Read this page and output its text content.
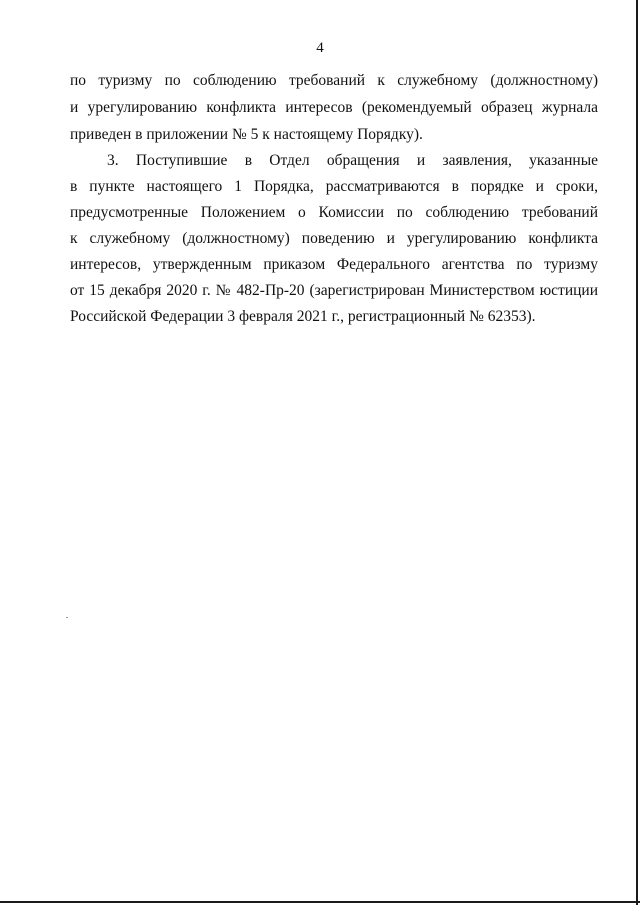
4
по туризму по соблюдению требований к служебному (должностному)
и урегулированию конфликта интересов (рекомендуемый образец журнала
приведен в приложении № 5 к настоящему Порядку).
3. Поступившие в Отдел обращения и заявления, указанные
в пункте настоящего 1 Порядка, рассматриваются в порядке и сроки,
предусмотренные Положением о Комиссии по соблюдению требований
к служебному (должностному) поведению и урегулированию конфликта
интересов, утвержденным приказом Федерального агентства по туризму
от 15 декабря 2020 г. № 482-Пр-20 (зарегистрирован Министерством юстиции
Российской Федерации 3 февраля 2021 г., регистрационный № 62353).
